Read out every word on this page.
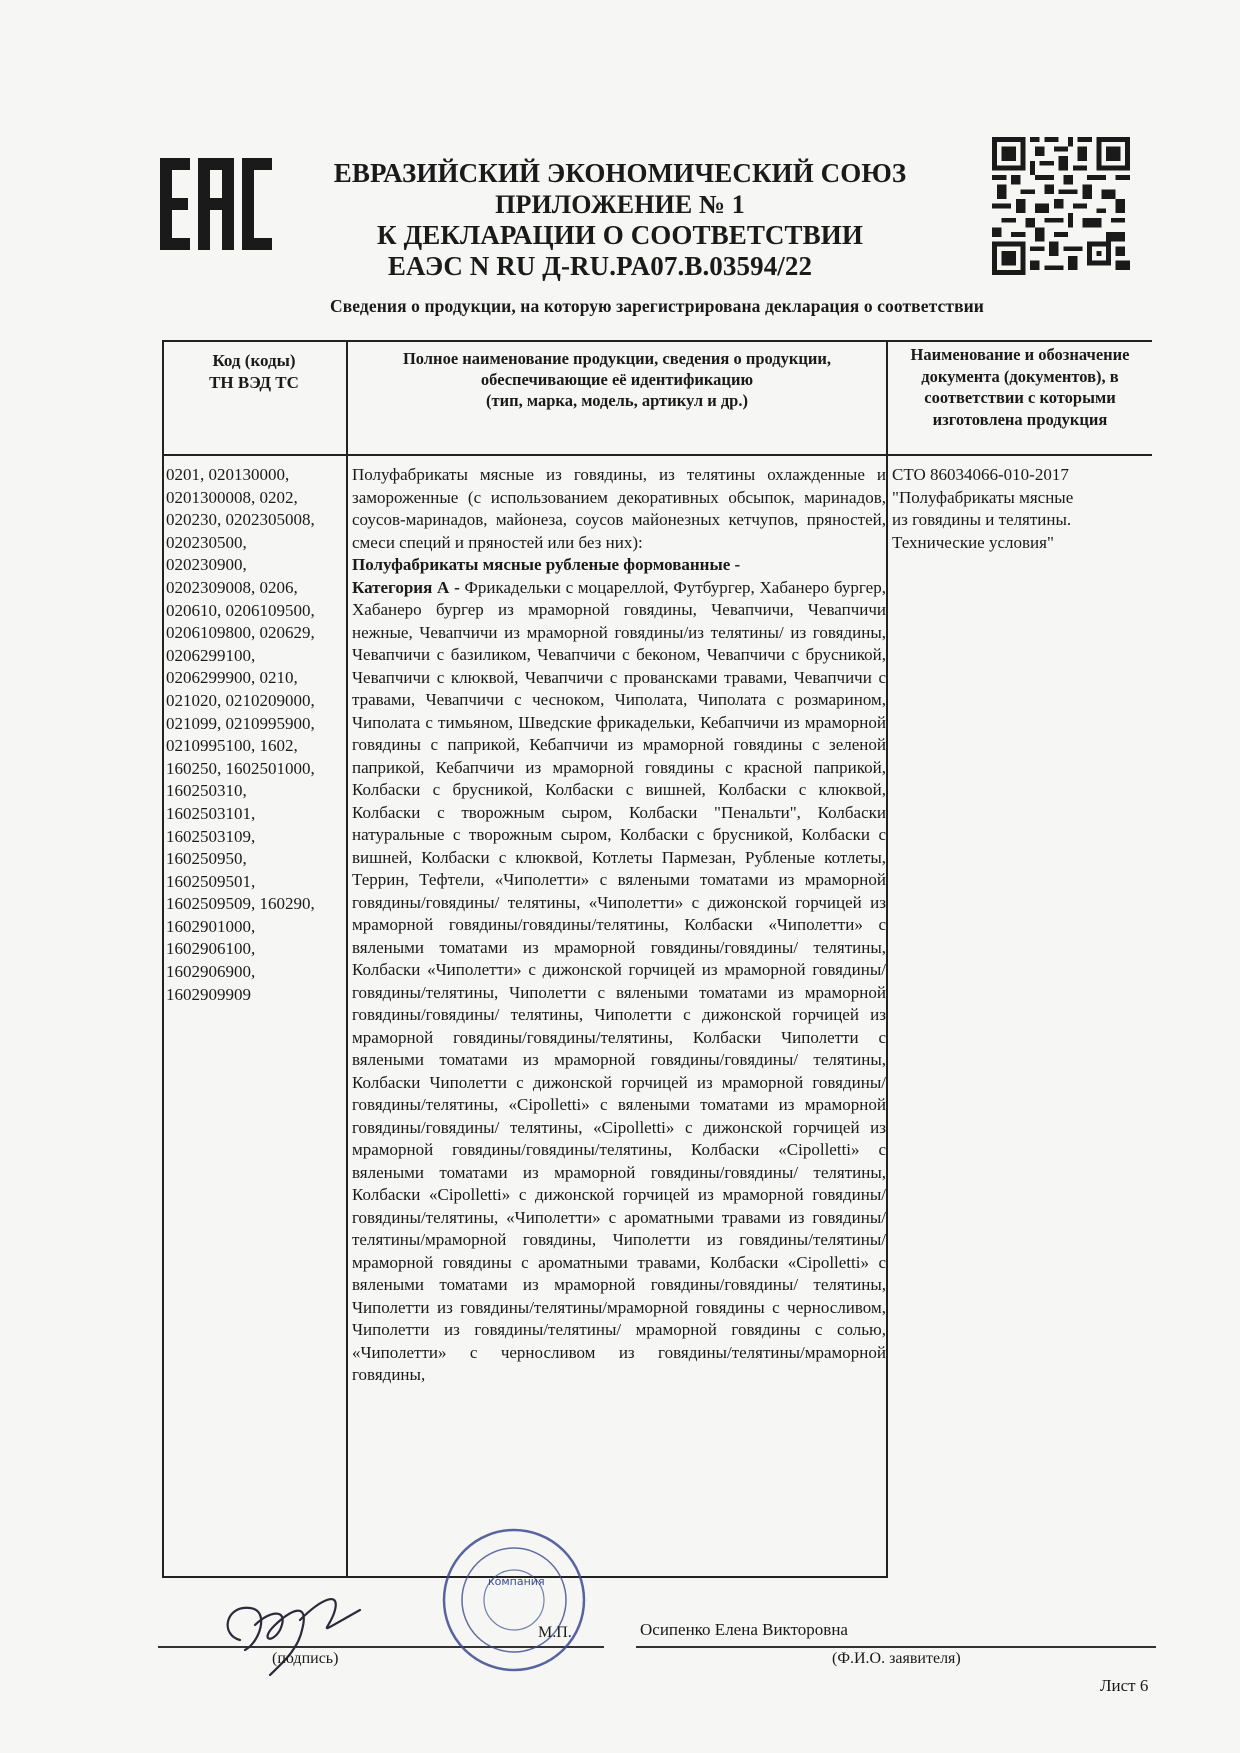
ЕВРАЗИЙСКИЙ ЭКОНОМИЧЕСКИЙ СОЮЗ
ПРИЛОЖЕНИЕ № 1
К ДЕКЛАРАЦИИ О СООТВЕТСТВИИ
ЕАЭС N RU Д-RU.PA07.B.03594/22
Сведения о продукции, на которую зарегистрирована декларация о соответствии
Код (коды)
ТН ВЭД ТС
Полное наименование продукции, сведения о продукции, обеспечивающие её идентификацию
(тип, марка, модель, артикул и др.)
Наименование и обозначение документа (документов), в соответствии с которыми изготовлена продукция
0201, 020130000,
0201300008, 0202,
020230, 0202305008,
020230500,
020230900,
0202309008, 0206,
020610, 0206109500,
0206109800, 020629,
0206299100,
0206299900, 0210,
021020, 0210209000,
021099, 0210995900,
0210995100, 1602,
160250, 1602501000,
160250310,
1602503101,
1602503109,
160250950,
1602509501,
1602509509, 160290,
1602901000,
1602906100,
1602906900,
1602909909
Полуфабрикаты мясные из говядины, из телятины охлажденные и замороженные (с использованием декоративных обсыпок, маринадов, соусов-маринадов, майонеза, соусов майонезных кетчупов, пряностей, смеси специй и пряностей или без них):
Полуфабрикаты мясные рубленые формованные -
Категория А - Фрикадельки с моцареллой, Футбургер, Хабанеро бургер, Хабанеро бургер из мраморной говядины, Чевапчичи, Чевапчичи нежные, Чевапчичи из мраморной говядины/из телятины/ из говядины, Чевапчичи с базиликом, Чевапчичи с беконом, Чевапчичи с брусникой, Чевапчичи с клюквой, Чевапчичи с провансками травами, Чевапчичи с травами, Чевапчичи с чесноком, Чиполата, Чиполата с розмарином, Чиполата с тимьяном, Шведские фрикадельки, Кебапчичи из мраморной говядины с паприкой, Кебапчичи из мраморной говядины с зеленой паприкой, Кебапчичи из мраморной говядины с красной паприкой, Колбаски с брусникой, Колбаски с вишней, Колбаски с клюквой, Колбаски с творожным сыром, Колбаски "Пенальти", Колбаски натуральные с творожным сыром, Колбаски с брусникой, Колбаски с вишней, Колбаски с клюквой, Котлеты Пармезан, Рубленые котлеты, Террин, Тефтели, «Чиполетти» с вялеными томатами из мраморной говядины/говядины/ телятины, «Чиполетти» с дижонской горчицей из мраморной говядины/говядины/телятины, Колбаски «Чиполетти» с вялеными томатами из мраморной говядины/говядины/ телятины, Колбаски «Чиполетти» с дижонской горчицей из мраморной говядины/говядины/телятины, Чиполетти с вялеными томатами из мраморной говядины/говядины/ телятины, Чиполетти с дижонской горчицей из мраморной говядины/говядины/телятины, Колбаски Чиполетти с вялеными томатами из мраморной говядины/говядины/ телятины, Колбаски Чиполетти с дижонской горчицей из мраморной говядины/говядины/телятины, «Cipolletti» с вялеными томатами из мраморной говядины/говядины/ телятины, «Cipolletti» с дижонской горчицей из мраморной говядины/говядины/телятины, Колбаски «Cipolletti» с вялеными томатами из мраморной говядины/говядины/ телятины, Колбаски «Cipolletti» с дижонской горчицей из мраморной говядины/говядины/телятины, «Чиполетти» с ароматными травами из говядины/телятины/мраморной говядины, Чиполетти из говядины/телятины/мраморной говядины с ароматными травами, Колбаски «Cipolletti» с вялеными томатами из мраморной говядины/говядины/ телятины, Чиполетти из говядины/телятины/мраморной говядины с черносливом, Чиполетти из говядины/телятины/ мраморной говядины с солью, «Чиполетти» с черносливом из говядины/телятины/мраморной говядины,
СТО 86034066-010-2017
"Полуфабрикаты мясные
из говядины и телятины.
Технические условия"
компания
(подпись)
М.П.	Осипенко Елена Викторовна
(Ф.И.О. заявителя)
Лист 6
